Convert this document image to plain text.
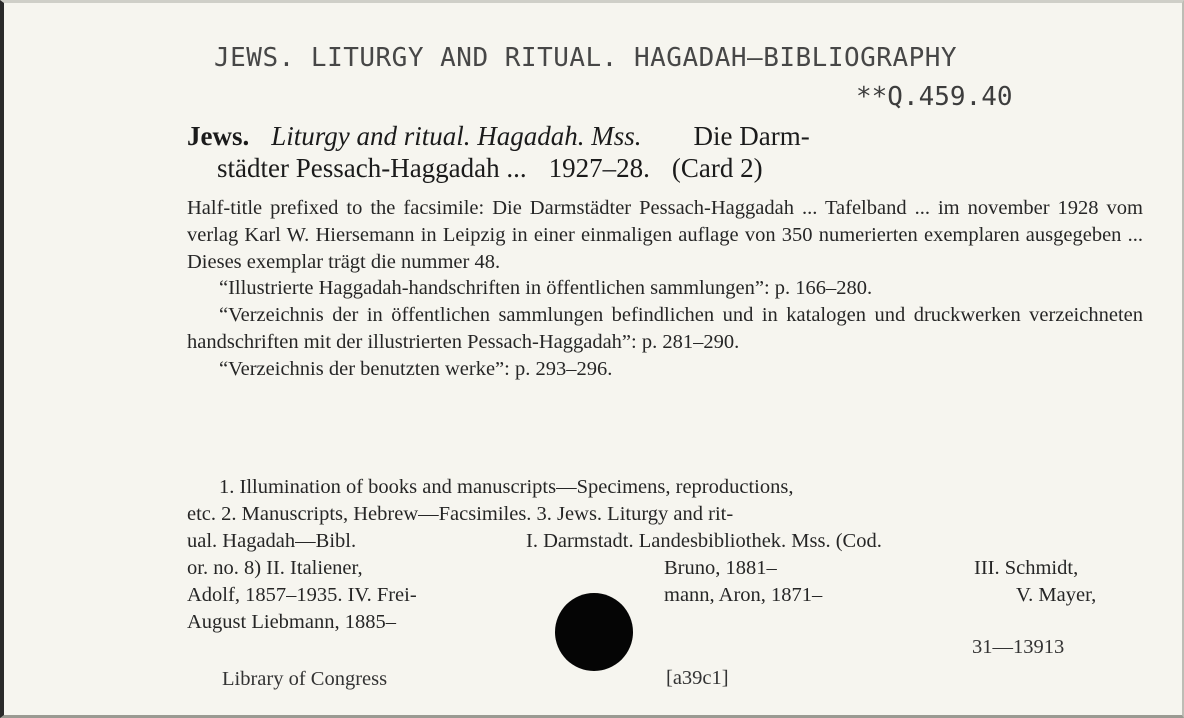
JEWS. LITURGY AND RITUAL. HAGADAH—BIBLIOGRAPHY
**Q.459.40
Jews. Liturgy and ritual. Hagadah. Mss. Die Darm-
städter Pessach-Haggadah ... 1927–28. (Card 2)

Half-title prefixed to the facsimile: Die Darmstädter Pessach-Haggadah ... Tafelband ... im november 1928 vom verlag Karl W. Hiersemann in Leipzig in einer einmaligen auflage von 350 numerierten exemplaren ausgegeben ... Dieses exemplar trägt die nummer 48.

“Illustrierte Haggadah-handschriften in öffentlichen sammlungen”: p. 166–280.

“Verzeichnis der in öffentlichen sammlungen befindlichen und in katalogen und druckwerken verzeichneten handschriften mit der illustrierten Pessach-Haggadah”: p. 281–290.

“Verzeichnis der benutzten werke”: p. 293–296.

1. Illumination of books and manuscripts—Specimens, reproductions,
etc. 2. Manuscripts, Hebrew—Facsimiles. 3. Jews. Liturgy and rit-
ual. Hagadah—Bibl.	I. Darmstadt. Landesbibliothek. Mss. (Cod.
or. no. 8) II. Italiener,	Bruno, 1881–	III. Schmidt,
Adolf, 1857–1935. IV. Frei-	mann, Aron, 1871–	V. Mayer,
August Liebmann, 1885–
Library of Congress	[a39c1]
31—13913
